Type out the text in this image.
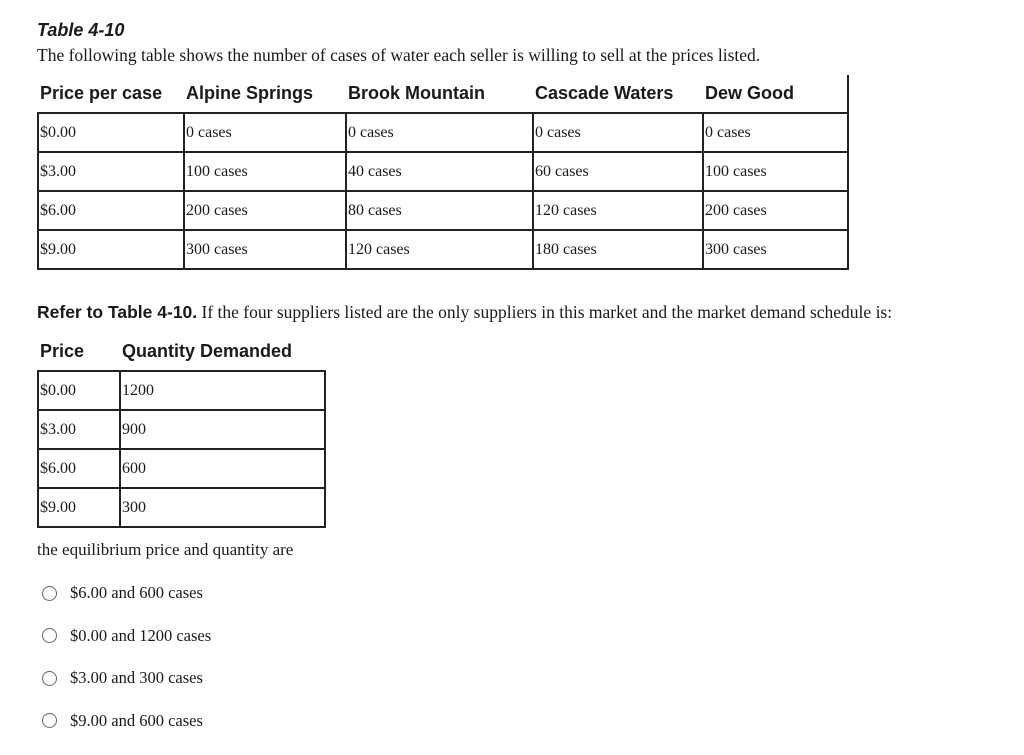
Table 4-10
The following table shows the number of cases of water each seller is willing to sell at the prices listed.
Price per case	Alpine Springs	Brook Mountain	Cascade Waters	Dew Good
$0.00	0 cases	0 cases	0 cases	0 cases
$3.00	100 cases	40 cases	60 cases	100 cases
$6.00	200 cases	80 cases	120 cases	200 cases
$9.00	300 cases	120 cases	180 cases	300 cases
Refer to Table 4-10. If the four suppliers listed are the only suppliers in this market and the market demand schedule is:
Price	Quantity Demanded
$0.00	1200
$3.00	900
$6.00	600
$9.00	300
the equilibrium price and quantity are
$6.00 and 600 cases
$0.00 and 1200 cases
$3.00 and 300 cases
$9.00 and 600 cases
